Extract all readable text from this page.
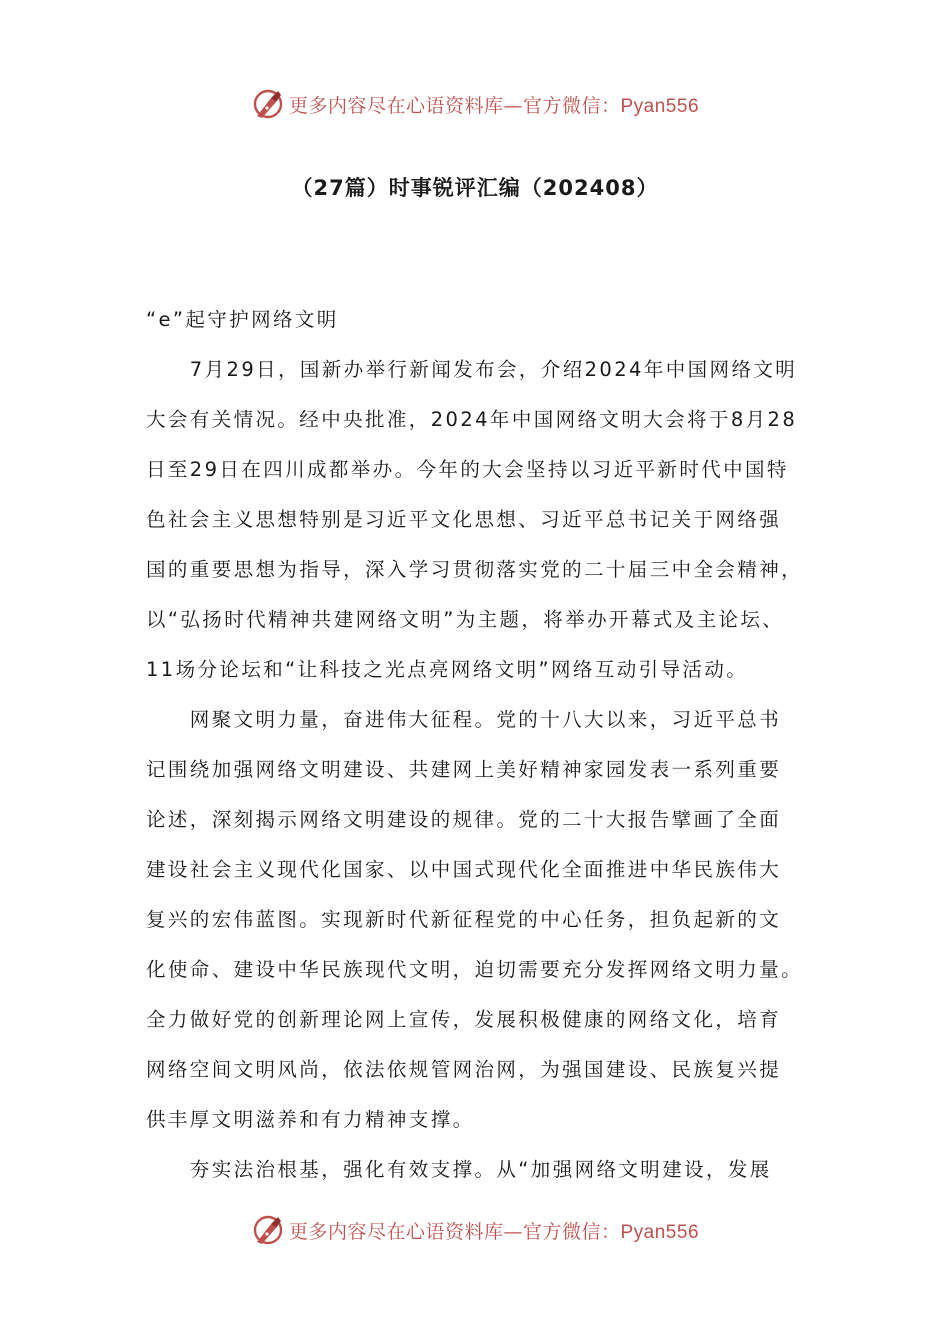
更多内容尽在心语资料库—官方微信：Pyan556
（27篇）时事锐评汇编（202408）
“e”起守护网络文明
　　7月29日，国新办举行新闻发布会，介绍2024年中国网络文明
大会有关情况。经中央批准，2024年中国网络文明大会将于8月28
日至29日在四川成都举办。今年的大会坚持以习近平新时代中国特
色社会主义思想特别是习近平文化思想、习近平总书记关于网络强
国的重要思想为指导，深入学习贯彻落实党的二十届三中全会精神，
以“弘扬时代精神共建网络文明”为主题，将举办开幕式及主论坛、
11场分论坛和“让科技之光点亮网络文明”网络互动引导活动。
　　网聚文明力量，奋进伟大征程。党的十八大以来，习近平总书
记围绕加强网络文明建设、共建网上美好精神家园发表一系列重要
论述，深刻揭示网络文明建设的规律。党的二十大报告擘画了全面
建设社会主义现代化国家、以中国式现代化全面推进中华民族伟大
复兴的宏伟蓝图。实现新时代新征程党的中心任务，担负起新的文
化使命、建设中华民族现代文明，迫切需要充分发挥网络文明力量。
全力做好党的创新理论网上宣传，发展积极健康的网络文化，培育
网络空间文明风尚，依法依规管网治网，为强国建设、民族复兴提
供丰厚文明滋养和有力精神支撑。
　　夯实法治根基，强化有效支撑。从“加强网络文明建设，发展
更多内容尽在心语资料库—官方微信：Pyan556
